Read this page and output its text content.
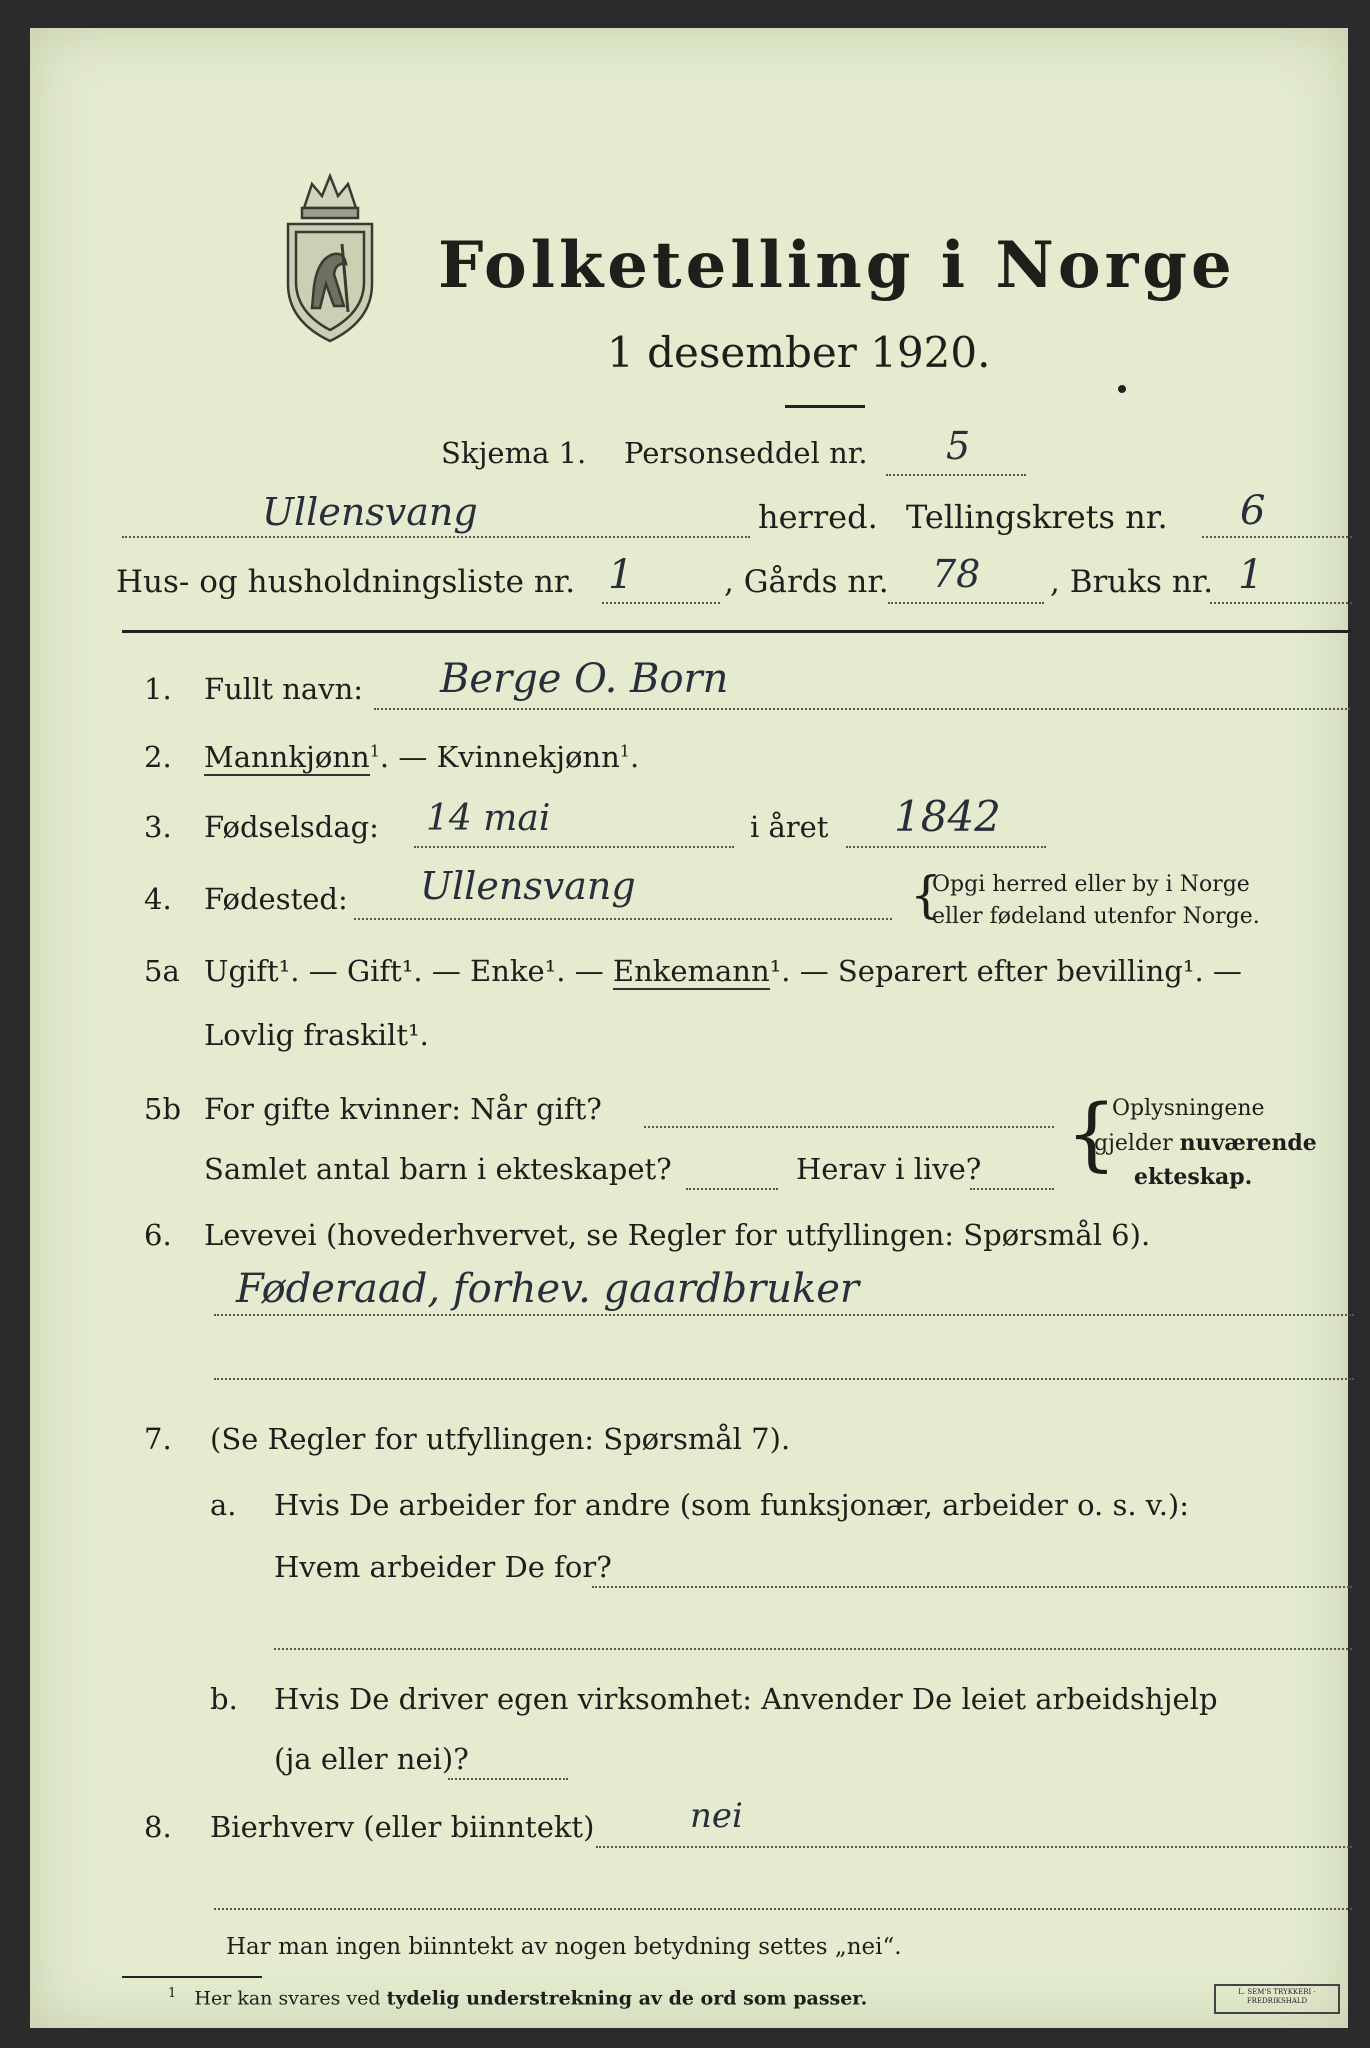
Folketelling i Norge
1 desember 1920.
Skjema 1. Personseddel nr. 5
Ullensvang	herred. Tellingskrets nr. 6
Hus- og husholdningsliste nr. 1	, Gårds nr. 78 , Bruks nr. 1
1. Fullt navn: Berge O. Born
2. Mannkjønn$^1$. — Kvinnekjønn$^1$.
3. Fødselsdag: 14 mai	i året 1842
4. Fødested: Ullensvang	{
Opgi herred eller by i Norge
eller fødeland utenfor Norge.
5a Ugift¹. — Gift¹. — Enke¹. — Enkemann¹. — Separert efter bevilling¹. —
Lovlig fraskilt¹.
5b For gifte kvinner: Når gift?
Samlet antal barn i ekteskapet?	Herav i live? {
Oplysningene
gjelder nuværende
ekteskap.
6. Levevei (hovederhvervet, se Regler for utfyllingen: Spørsmål 6).
Føderaad, forhev. gaardbruker
7. (Se Regler for utfyllingen: Spørsmål 7).
a. Hvis De arbeider for andre (som funksjonær, arbeider o. s. v.):
Hvem arbeider De for?
b. Hvis De driver egen virksomhet: Anvender De leiet arbeidshjelp
(ja eller nei)?
8. Bierhverv (eller biinntekt)	nei
Har man ingen biinntekt av nogen betydning settes „nei“.
$^1$ Her kan svares ved tydelig understrekning av de ord som passer.	L. SEM'S TRYKKERI · FREDRIKSHALD
